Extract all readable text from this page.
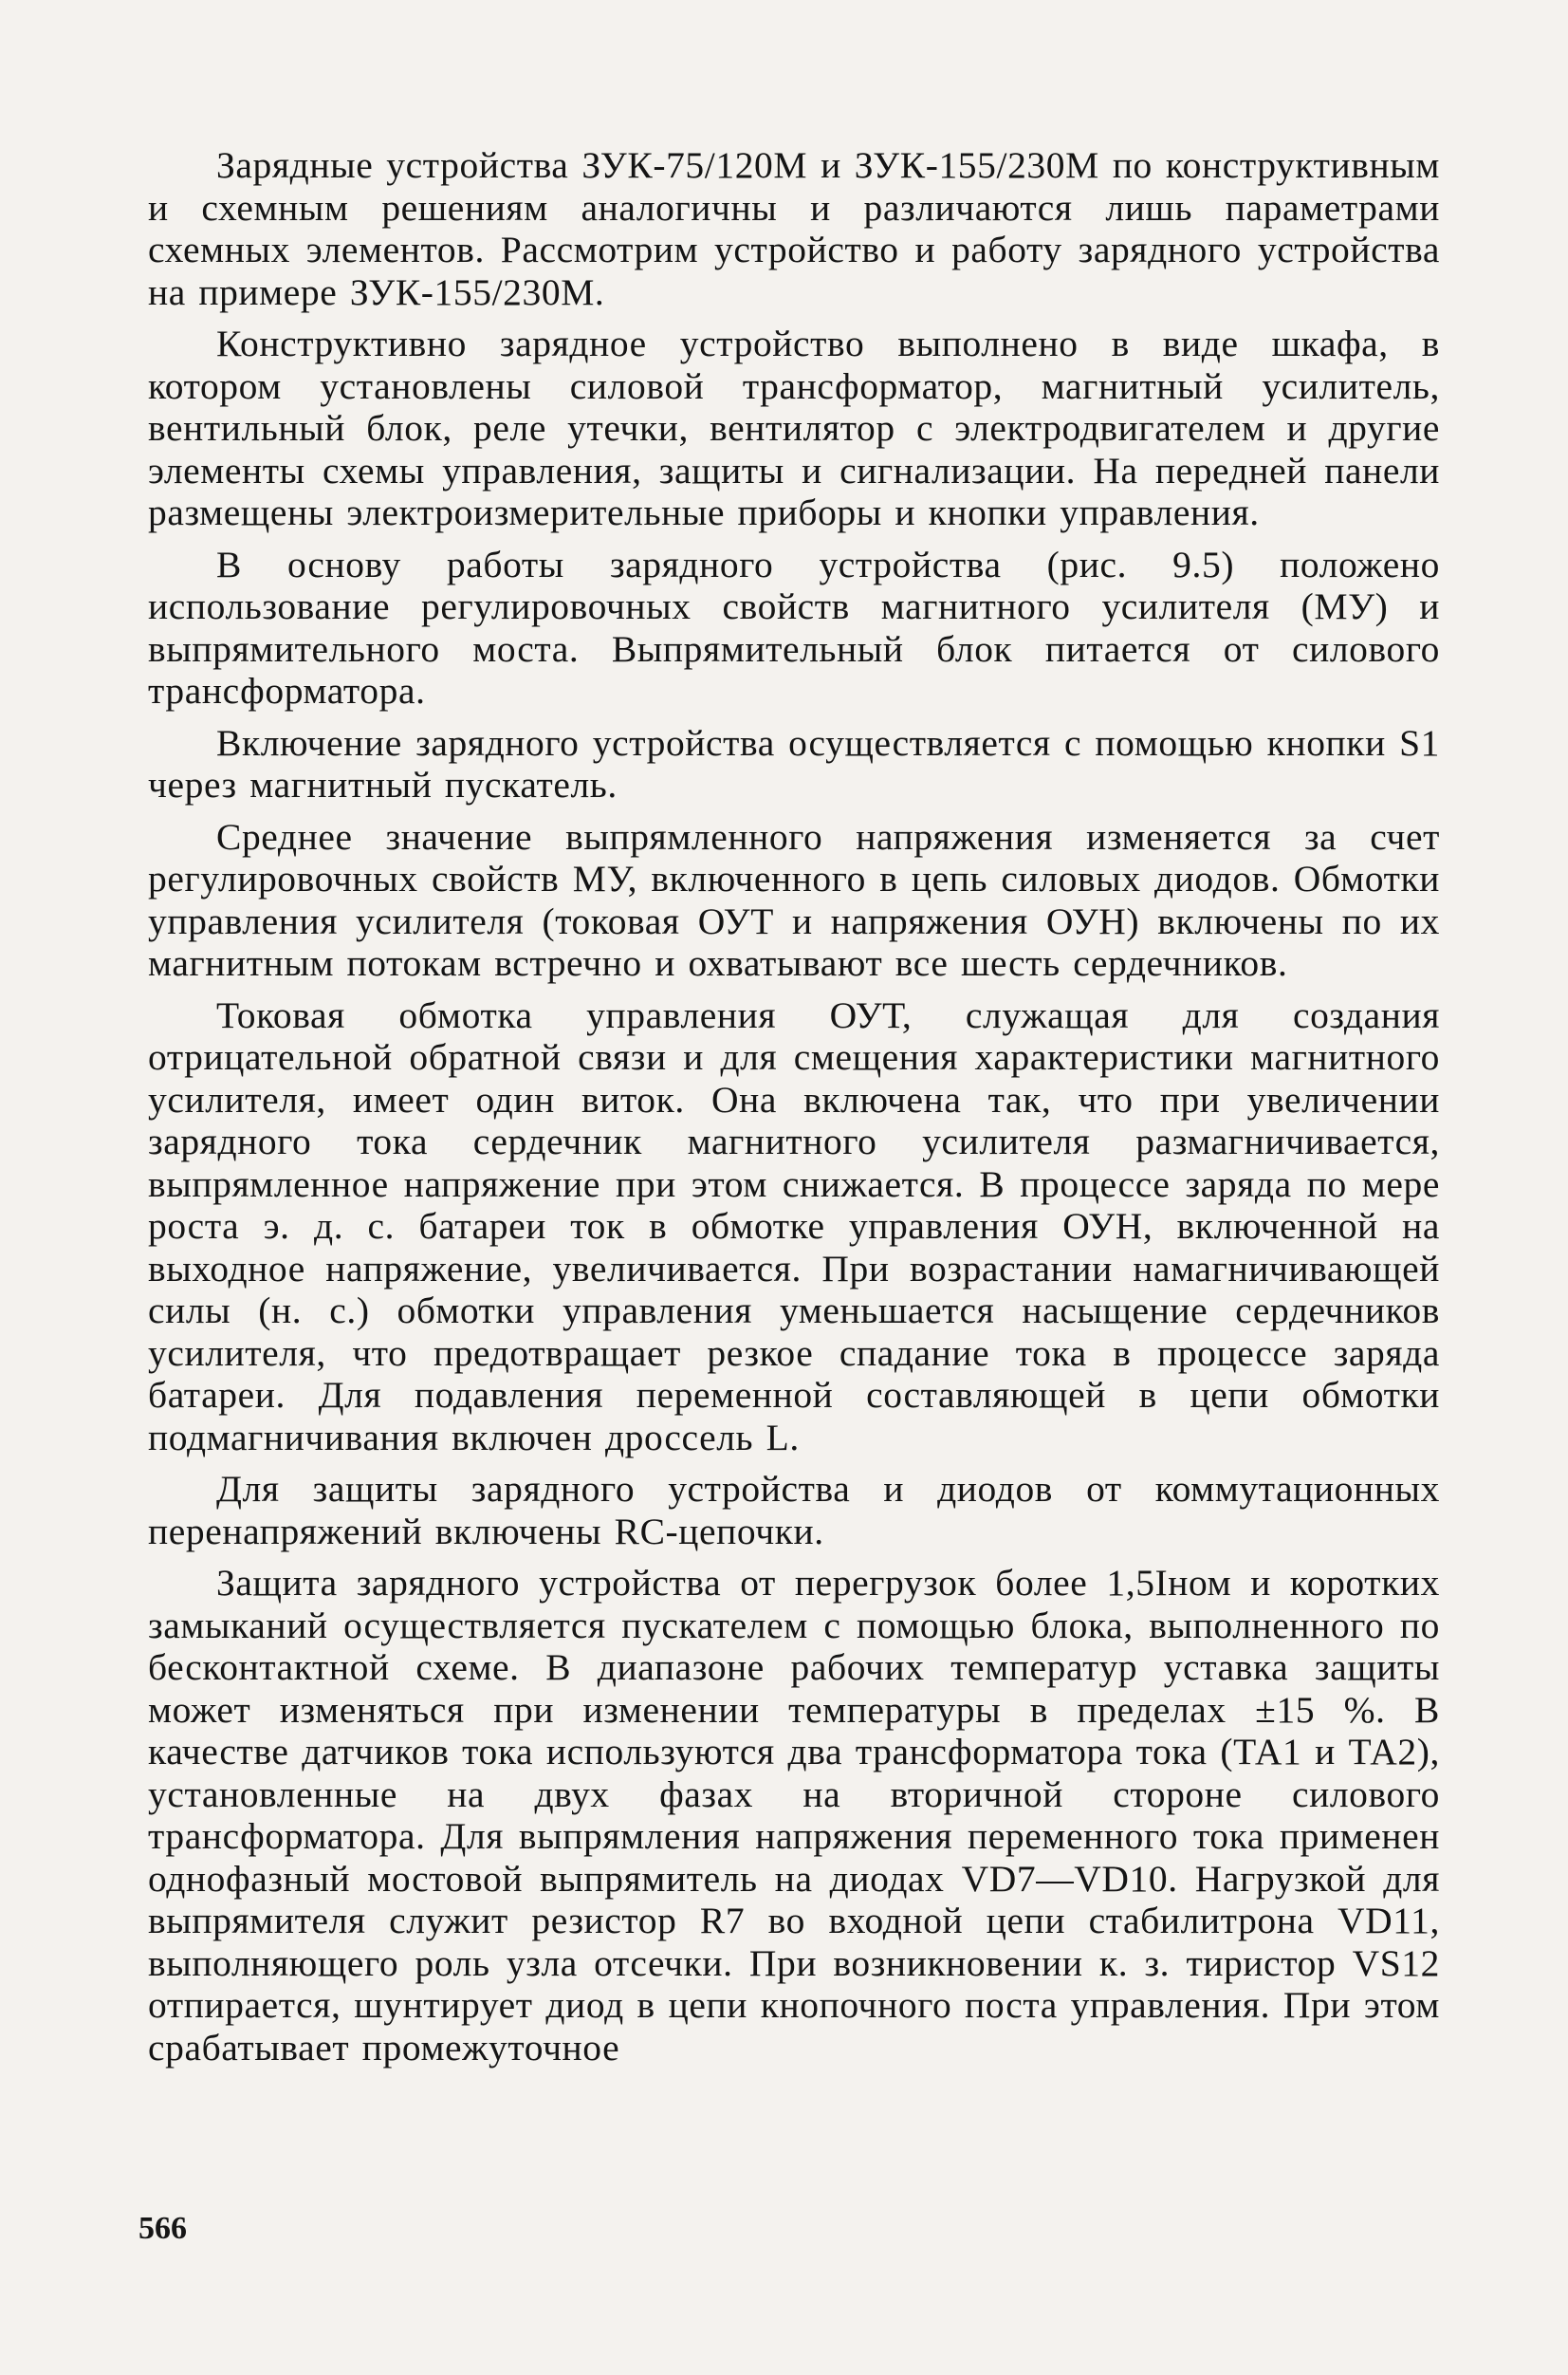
Зарядные устройства ЗУК-75/120М и ЗУК-155/230М по конструктивным и схемным решениям аналогичны и различаются лишь параметрами схемных элементов. Рассмотрим устройство и работу зарядного устройства на примере ЗУК-155/230М.

Конструктивно зарядное устройство выполнено в виде шкафа, в котором установлены силовой трансформатор, магнитный усилитель, вентильный блок, реле утечки, вентилятор с электродвигателем и другие элементы схемы управления, защиты и сигнализации. На передней панели размещены электроизмерительные приборы и кнопки управления.

В основу работы зарядного устройства (рис. 9.5) положено использование регулировочных свойств магнитного усилителя (МУ) и выпрямительного моста. Выпрямительный блок питается от силового трансформатора.

Включение зарядного устройства осуществляется с помощью кнопки S1 через магнитный пускатель.

Среднее значение выпрямленного напряжения изменяется за счет регулировочных свойств МУ, включенного в цепь силовых диодов. Обмотки управления усилителя (токовая ОУТ и напряжения ОУН) включены по их магнитным потокам встречно и охватывают все шесть сердечников.

Токовая обмотка управления ОУТ, служащая для создания отрицательной обратной связи и для смещения характеристики магнитного усилителя, имеет один виток. Она включена так, что при увеличении зарядного тока сердечник магнитного усилителя размагничивается, выпрямленное напряжение при этом снижается. В процессе заряда по мере роста э. д. с. батареи ток в обмотке управления ОУН, включенной на выходное напряжение, увеличивается. При возрастании намагничивающей силы (н. с.) обмотки управления уменьшается насыщение сердечников усилителя, что предотвращает резкое спадание тока в процессе заряда батареи. Для подавления переменной составляющей в цепи обмотки подмагничивания включен дроссель L.

Для защиты зарядного устройства и диодов от коммутационных перенапряжений включены RC-цепочки.

Защита зарядного устройства от перегрузок более 1,5Iном и коротких замыканий осуществляется пускателем с помощью блока, выполненного по бесконтактной схеме. В диапазоне рабочих температур уставка защиты может изменяться при изменении температуры в пределах ±15 %. В качестве датчиков тока используются два трансформатора тока (ТА1 и ТА2), установленные на двух фазах на вторичной стороне силового трансформатора. Для выпрямления напряжения переменного тока применен однофазный мостовой выпрямитель на диодах VD7—VD10. Нагрузкой для выпрямителя служит резистор R7 во входной цепи стабилитрона VD11, выполняющего роль узла отсечки. При возникновении к. з. тиристор VS12 отпирается, шунтирует диод в цепи кнопочного поста управления. При этом срабатывает промежуточное

566
